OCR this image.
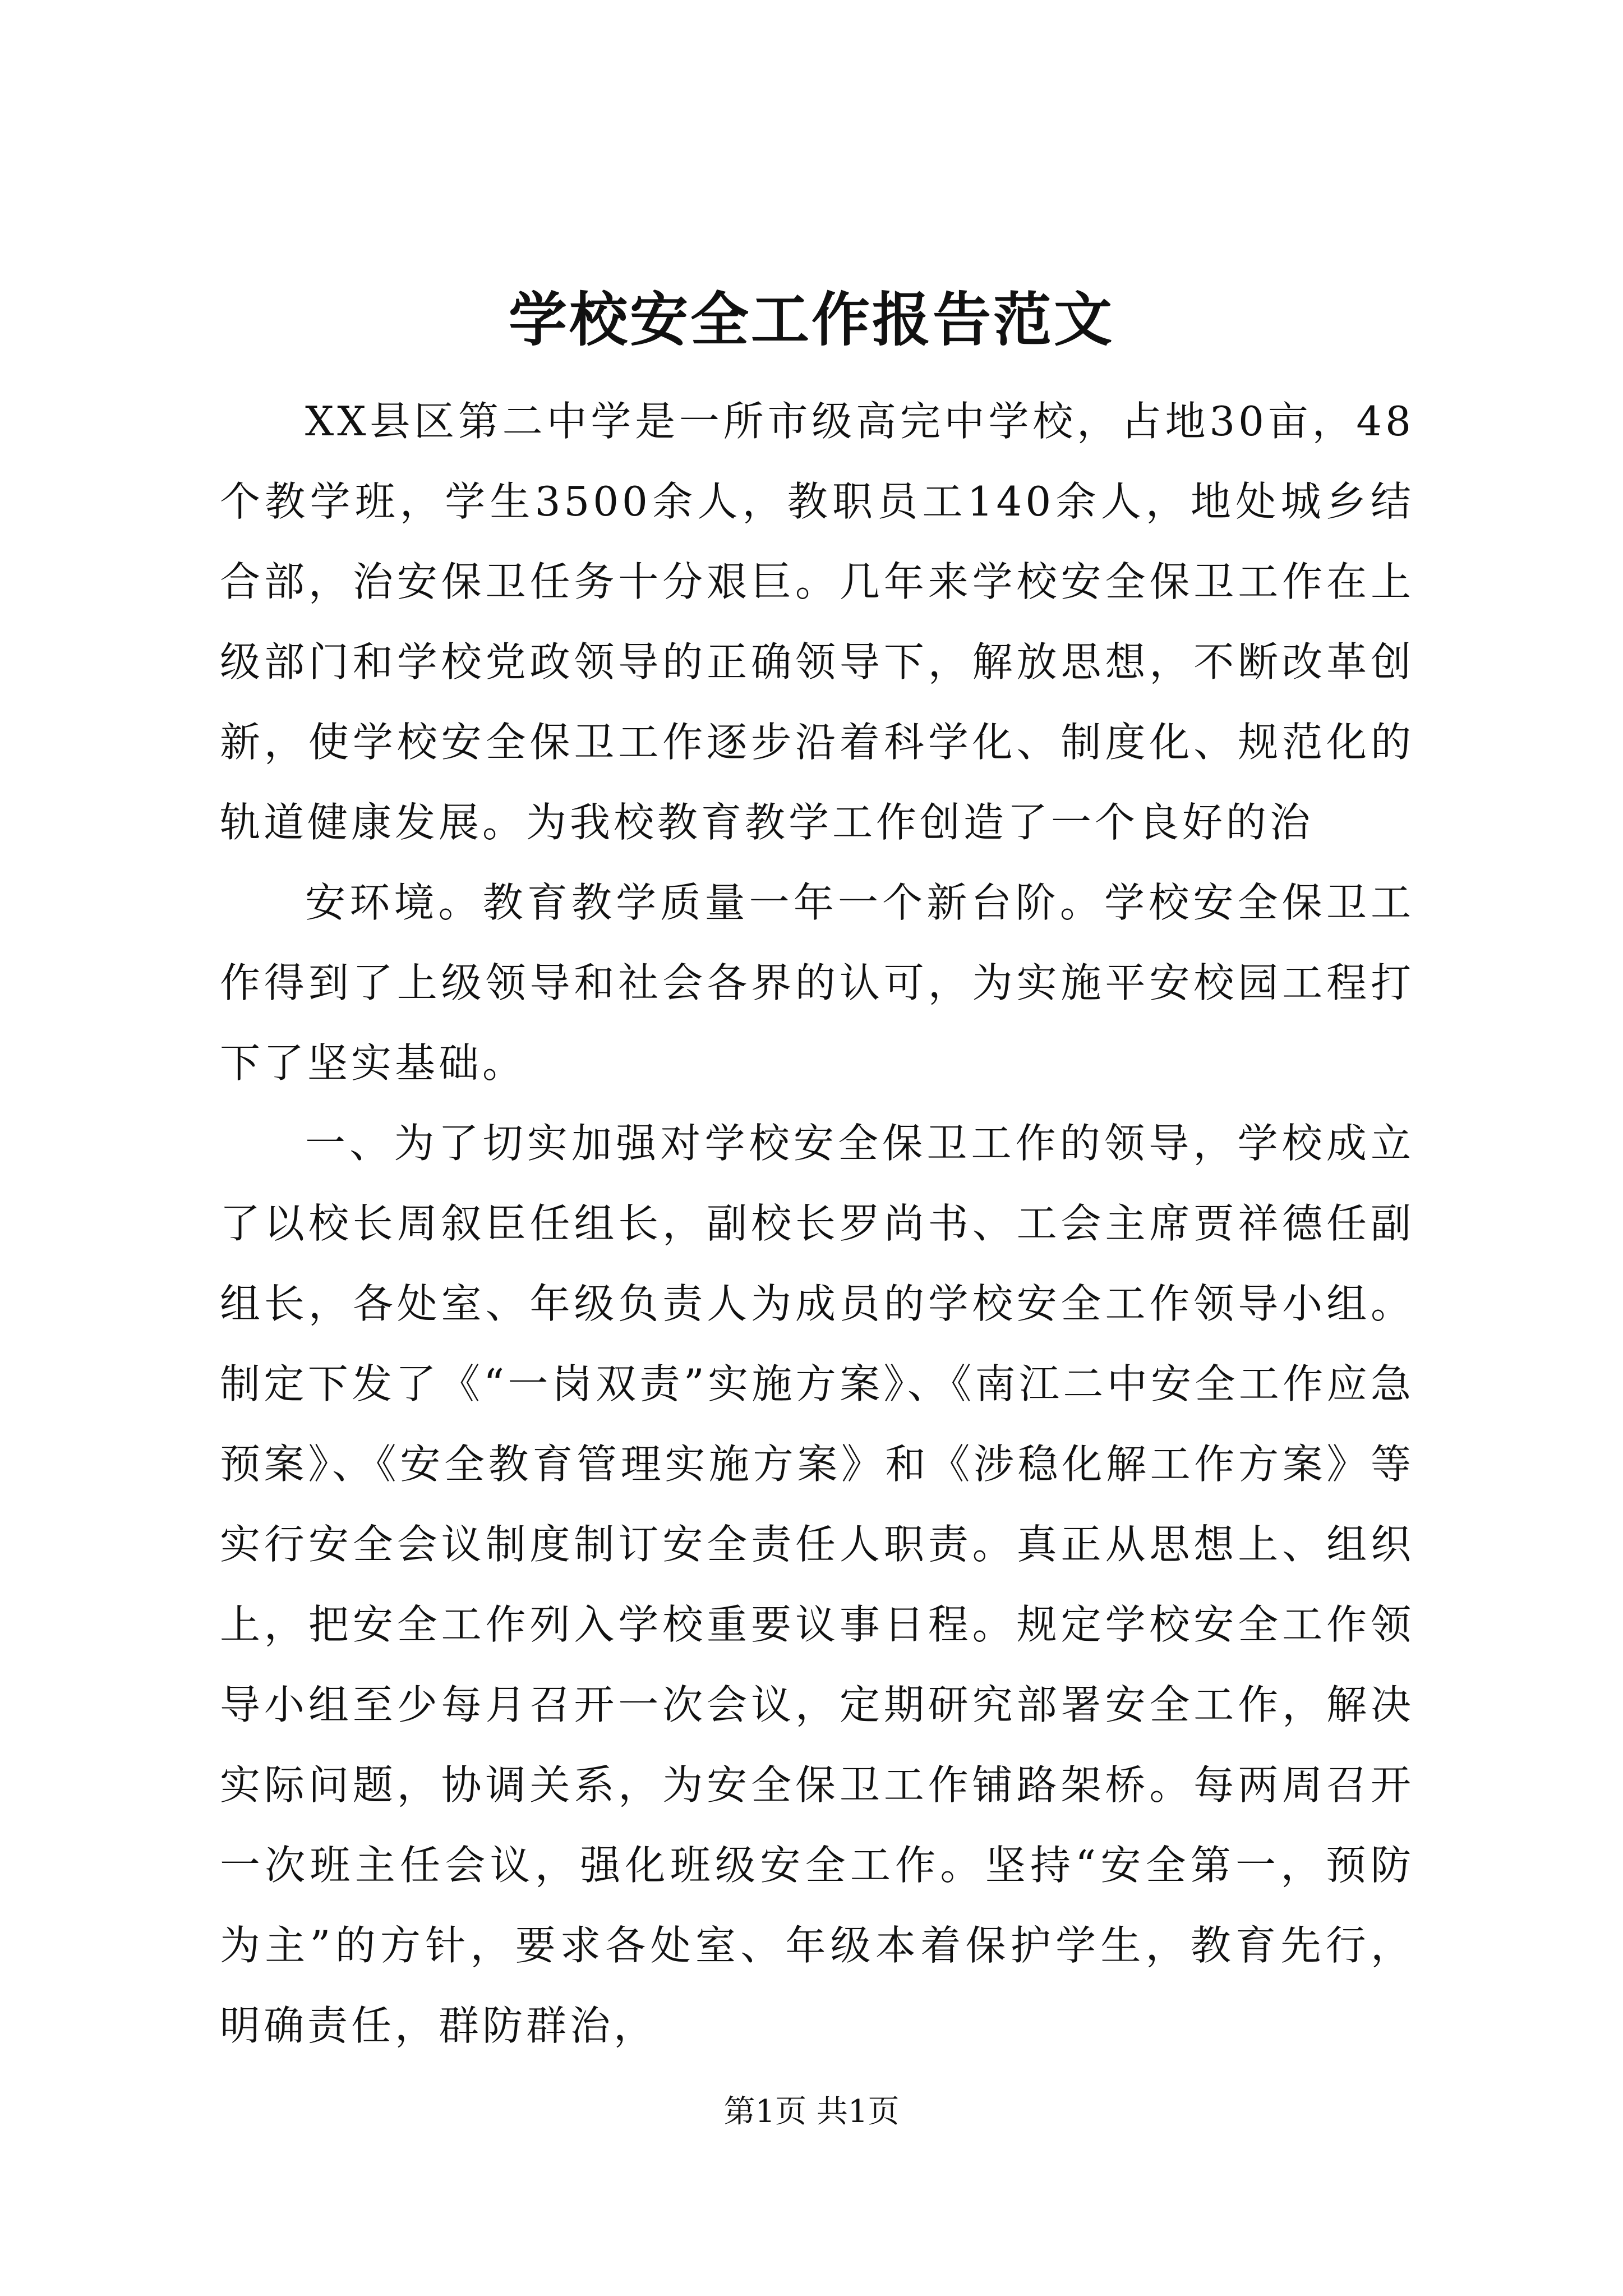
学校安全工作报告范文

XX县区第二中学是一所市级高完中学校，占地30亩，48个教学班，学生3500余人，教职员工140余人，地处城乡结合部，治安保卫任务十分艰巨。几年来学校安全保卫工作在上级部门和学校党政领导的正确领导下，解放思想，不断改革创新，使学校安全保卫工作逐步沿着科学化、制度化、规范化的轨道健康发展。为我校教育教学工作创造了一个良好的治

安环境。教育教学质量一年一个新台阶。学校安全保卫工作得到了上级领导和社会各界的认可，为实施平安校园工程打下了坚实基础。

一、为了切实加强对学校安全保卫工作的领导，学校成立了以校长周叙臣任组长，副校长罗尚书、工会主席贾祥德任副组长，各处室、年级负责人为成员的学校安全工作领导小组。制定下发了《“一岗双责”实施方案》、《南江二中安全工作应急预案》、《安全教育管理实施方案》和《涉稳化解工作方案》等实行安全会议制度制订安全责任人职责。真正从思想上、组织上，把安全工作列入学校重要议事日程。规定学校安全工作领导小组至少每月召开一次会议，定期研究部署安全工作，解决实际问题，协调关系，为安全保卫工作铺路架桥。每两周召开一次班主任会议，强化班级安全工作。坚持“安全第一，预防为主”的方针，要求各处室、年级本着保护学生，教育先行，明确责任，群防群治，

第1页 共1页
